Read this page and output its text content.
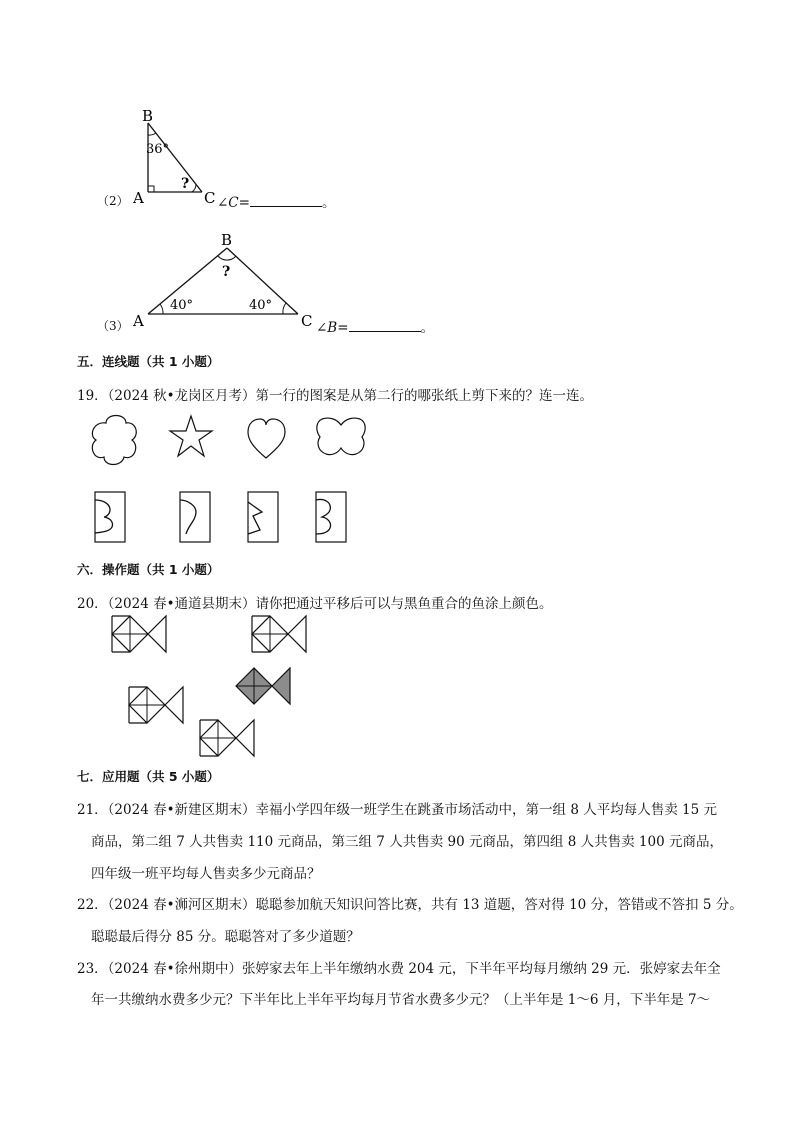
B
A	C
36°
?
（2）	∠C=	。
B
A	C
40°	40°
?
（3）	∠B=	。
五．连线题（共 1 小题）
19．（2024 秋•龙岗区月考）第一行的图案是从第二行的哪张纸上剪下来的？连一连。
六．操作题（共 1 小题）
20．（2024 春•通道县期末）请你把通过平移后可以与黑鱼重合的鱼涂上颜色。
七．应用题（共 5 小题）
21．（2024 春•新建区期末）幸福小学四年级一班学生在跳蚤市场活动中，第一组 8 人平均每人售卖 15 元
商品，第二组 7 人共售卖 110 元商品，第三组 7 人共售卖 90 元商品，第四组 8 人共售卖 100 元商品，
四年级一班平均每人售卖多少元商品？
22．（2024 春•浉河区期末）聪聪参加航天知识问答比赛，共有 13 道题，答对得 10 分，答错或不答扣 5 分。
聪聪最后得分 85 分。聪聪答对了多少道题？
23．（2024 春•徐州期中）张婷家去年上半年缴纳水费 204 元，下半年平均每月缴纳 29 元．张婷家去年全
年一共缴纳水费多少元？下半年比上半年平均每月节省水费多少元？（上半年是 1～6 月，下半年是 7～
